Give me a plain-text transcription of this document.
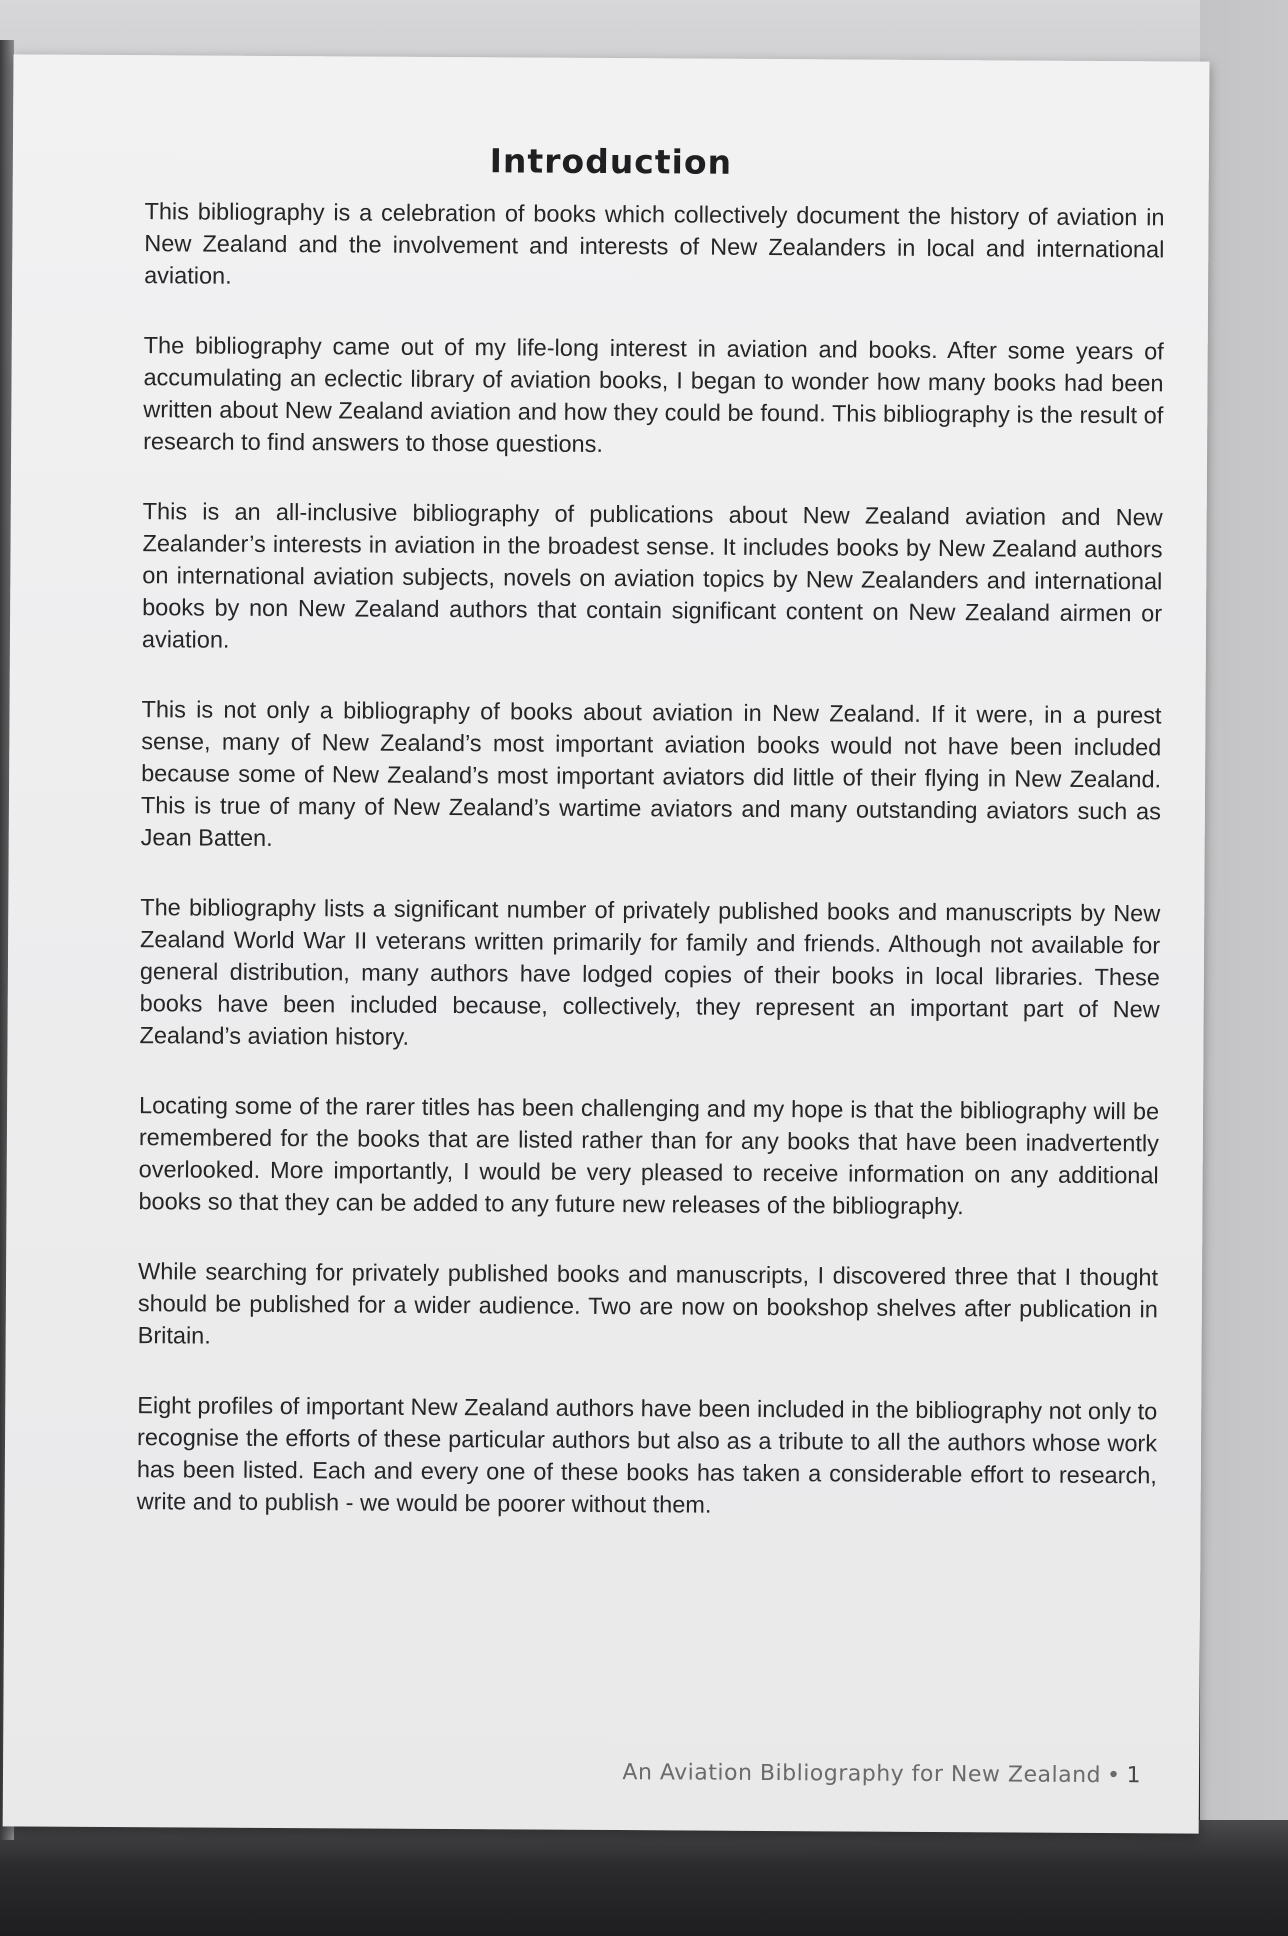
Introduction

This bibliography is a celebration of books which collectively document the history of aviation in New Zealand and the involvement and interests of New Zealanders in local and international aviation.

The bibliography came out of my life-long interest in aviation and books. After some years of accumulating an eclectic library of aviation books, I began to wonder how many books had been written about New Zealand aviation and how they could be found. This bibliography is the result of research to find answers to those questions.

This is an all-inclusive bibliography of publications about New Zealand aviation and New Zealander’s interests in aviation in the broadest sense. It includes books by New Zealand authors on international aviation subjects, novels on aviation topics by New Zealanders and international books by non New Zealand authors that contain significant content on New Zealand airmen or aviation.

This is not only a bibliography of books about aviation in New Zealand. If it were, in a purest sense, many of New Zealand’s most important aviation books would not have been included because some of New Zealand’s most important aviators did little of their flying in New Zealand. This is true of many of New Zealand’s wartime aviators and many outstanding aviators such as Jean Batten.

The bibliography lists a significant number of privately published books and manuscripts by New Zealand World War II veterans written primarily for family and friends. Although not available for general distribution, many authors have lodged copies of their books in local libraries. These books have been included because, collectively, they represent an important part of New Zealand’s aviation history.

Locating some of the rarer titles has been challenging and my hope is that the bibliography will be remembered for the books that are listed rather than for any books that have been inadvertently overlooked. More importantly, I would be very pleased to receive information on any additional books so that they can be added to any future new releases of the bibliography.

While searching for privately published books and manuscripts, I discovered three that I thought should be published for a wider audience. Two are now on bookshop shelves after publication in Britain.

Eight profiles of important New Zealand authors have been included in the bibliography not only to recognise the efforts of these particular authors but also as a tribute to all the authors whose work has been listed. Each and every one of these books has taken a considerable effort to research, write and to publish - we would be poorer without them.

An Aviation Bibliography for New Zealand • 1
